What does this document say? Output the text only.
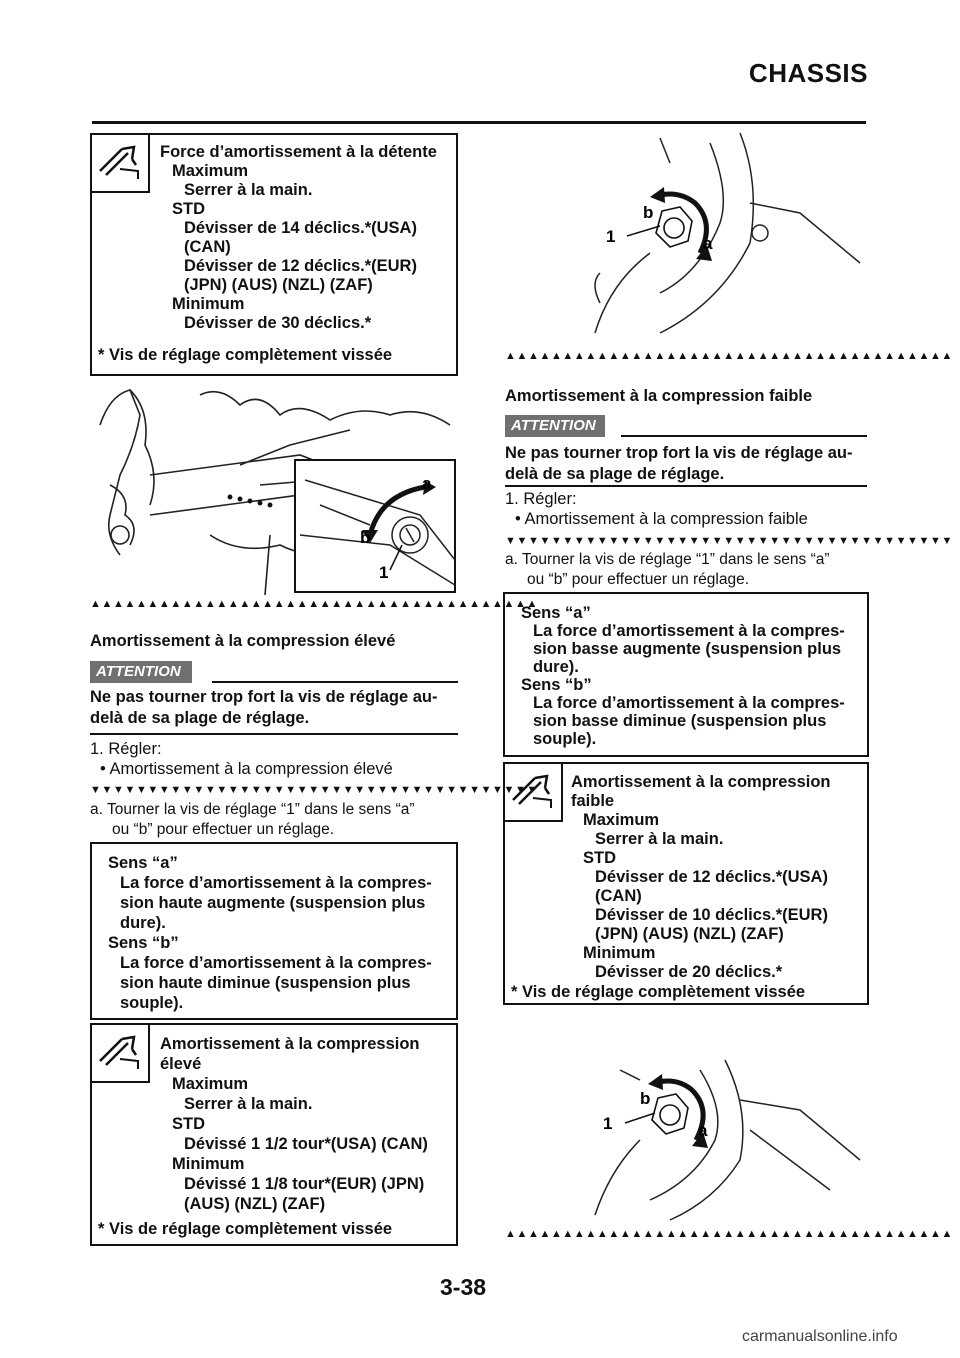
CHASSIS
Force d’amortissement à la détente
Maximum
Serrer à la main.
STD
Dévisser de 14 déclics.*(USA)
(CAN)
Dévisser de 12 déclics.*(EUR)
(JPN) (AUS) (NZL) (ZAF)
Minimum
Dévisser de 30 déclics.*
* Vis de réglage complètement vissée
a
b
1
▲▲▲▲▲▲▲▲▲▲▲▲▲▲▲▲▲▲▲▲▲▲▲▲▲▲▲▲▲▲▲▲▲▲▲▲▲▲▲
Amortissement à la compression élevé
ATTENTION
Ne pas tourner trop fort la vis de réglage au-
delà de sa plage de réglage.
1. Régler:
• Amortissement à la compression élevé
▼▼▼▼▼▼▼▼▼▼▼▼▼▼▼▼▼▼▼▼▼▼▼▼▼▼▼▼▼▼▼▼▼▼▼▼▼▼▼
a. Tourner la vis de réglage “1” dans le sens “a”
ou “b” pour effectuer un réglage.
Sens “a”
La force d’amortissement à la compres-
sion haute augmente (suspension plus
dure).
Sens “b”
La force d’amortissement à la compres-
sion haute diminue (suspension plus
souple).
Amortissement à la compression
élevé
Maximum
Serrer à la main.
STD
Dévissé 1 1/2 tour*(USA) (CAN)
Minimum
Dévissé 1 1/8 tour*(EUR) (JPN)
(AUS) (NZL) (ZAF)
* Vis de réglage complètement vissée
b
a
1
▲▲▲▲▲▲▲▲▲▲▲▲▲▲▲▲▲▲▲▲▲▲▲▲▲▲▲▲▲▲▲▲▲▲▲▲▲▲▲
Amortissement à la compression faible
ATTENTION
Ne pas tourner trop fort la vis de réglage au-
delà de sa plage de réglage.
1. Régler:
• Amortissement à la compression faible
▼▼▼▼▼▼▼▼▼▼▼▼▼▼▼▼▼▼▼▼▼▼▼▼▼▼▼▼▼▼▼▼▼▼▼▼▼▼▼
a. Tourner la vis de réglage “1” dans le sens “a”
ou “b” pour effectuer un réglage.
Sens “a”
La force d’amortissement à la compres-
sion basse augmente (suspension plus
dure).
Sens “b”
La force d’amortissement à la compres-
sion basse diminue (suspension plus
souple).
Amortissement à la compression
faible
Maximum
Serrer à la main.
STD
Dévisser de 12 déclics.*(USA)
(CAN)
Dévisser de 10 déclics.*(EUR)
(JPN) (AUS) (NZL) (ZAF)
Minimum
Dévisser de 20 déclics.*
* Vis de réglage complètement vissée
b
a
1
▲▲▲▲▲▲▲▲▲▲▲▲▲▲▲▲▲▲▲▲▲▲▲▲▲▲▲▲▲▲▲▲▲▲▲▲▲▲▲
3-38
carmanualsonline.info
